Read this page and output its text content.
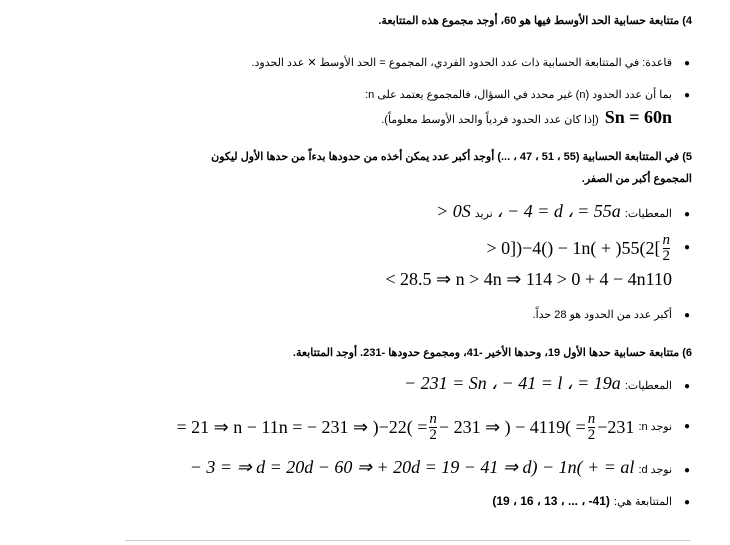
4) متتابعة حسابية الحد الأوسط فيها هو 60، أوجد مجموع هذه المتتابعة.
قاعدة: في المتتابعة الحسابية ذات عدد الحدود الفردي، المجموع = الحد الأوسط ✕ عدد الحدود. ●
بما أن عدد الحدود (n) غير محدد في السؤال، فالمجموع يعتمد على n: ●
(إذا كان عدد الحدود فردياً والحد الأوسط معلوماً). Sn = 60n
5) في المتتابعة الحسابية (55 ، 51 ، 47 ، ...) أوجد أكبر عدد يمكن أخذه من حدودها بدءاً من حدها الأول ليكون
المجموع أكبر من الصفر.
> 0S نريد ، − 4 = d ، = 55a المعطيات: ●
> $0])-4() - 1n( + )55(2[ \frac{n}{2}$ ●
< 28.5 ⇒ n > 4n ⇒ 114 > 0 + 4 − 4n110
أكبر عدد من الحدود هو 28 حداً. ●
6) متتابعة حسابية حدها الأول 19، وحدها الأخير -41، ومجموع حدودها -231. أوجد المتتابعة.
− 231 = Sn ، − 41 = l ، = 19a المعطيات: ●
= 21 ⇒ n − 11n = − 231 ⇒ )$-22( = \frac{n}{2} - 231$ ⇒ ) − $4119( = \frac{n}{2} -231$ نوجد n: ●
− 3 = ⇒ d = 20d − 60 ⇒ + 20d = 19 − 41 ⇒ d) − 1n( + = al نوجد d: ●
(19 ، 16 ، 13 ، ... ، -41) المتتابعة هي: ●
